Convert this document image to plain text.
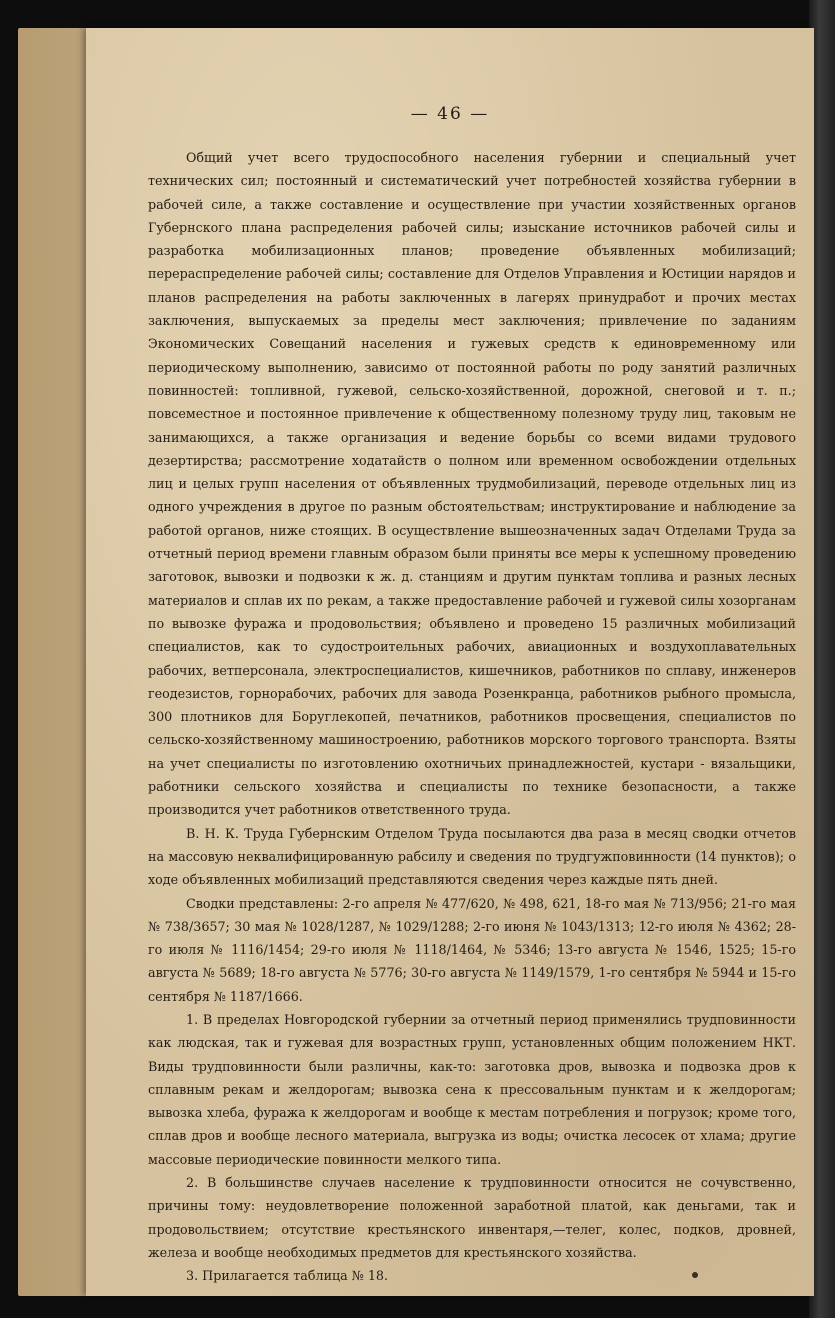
— 46 —

Общий учет всего трудоспособного населения губернии и специальный учет технических сил; постоянный и систематический учет потребностей хозяйства губернии в рабочей силе, а также составление и осуществление при участии хозяйственных органов Губернского плана распределения рабочей силы; изыскание источников рабочей силы и разработка мобилизационных планов; проведение объявленных мобилизаций; перераспределение рабочей силы; составление для Отделов Управления и Юстиции нарядов и планов распределения на работы заключенных в лагерях принудработ и прочих местах заключения, выпускаемых за пределы мест заключения; привлечение по заданиям Экономических Совещаний населения и гужевых средств к единовременному или периодическому выполнению, зависимо от постоянной работы по роду занятий различных повинностей: топливной, гужевой, сельско-хозяйственной, дорожной, снеговой и т. п.; повсеместное и постоянное привлечение к общественному полезному труду лиц, таковым не занимающихся, а также организация и ведение борьбы со всеми видами трудового дезертирства; рассмотрение ходатайств о полном или временном освобождении отдельных лиц и целых групп населения от объявленных трудмобилизаций, переводе отдельных лиц из одного учреждения в другое по разным обстоятельствам; инструктирование и наблюдение за работой органов, ниже стоящих. В осуществление вышеозначенных задач Отделами Труда за отчетный период времени главным образом были приняты все меры к успешному проведению заготовок, вывозки и подвозки к ж. д. станциям и другим пунктам топлива и разных лесных материалов и сплав их по рекам, а также предоставление рабочей и гужевой силы хозорганам по вывозке фуража и продовольствия; объявлено и проведено 15 различных мобилизаций специалистов, как то судостроительных рабочих, авиационных и воздухоплавательных рабочих, ветперсонала, электроспециалистов, кишечников, работников по сплаву, инженеров геодезистов, горнорабочих, рабочих для завода Розенкранца, работников рыбного промысла, 300 плотников для Боруглекопей, печатников, работников просвещения, специалистов по сельско-хозяйственному машиностроению, работников морского торгового транспорта. Взяты на учет специалисты по изготовлению охотничьих принадлежностей, кустари - вязальщики, работники сельского хозяйства и специалисты по технике безопасности, а также производится учет работников ответственного труда.

В. Н. К. Труда Губернским Отделом Труда посылаются два раза в месяц сводки отчетов на массовую неквалифицированную рабсилу и сведения по трудгужповинности (14 пунктов); о ходе объявленных мобилизаций представляются сведения через каждые пять дней.

Сводки представлены: 2-го апреля № 477/620, № 498, 621, 18-го мая № 713/956; 21-го мая № 738/3657; 30 мая № 1028/1287, № 1029/1288; 2-го июня № 1043/1313; 12-го июля № 4362; 28-го июля № 1116/1454; 29-го июля № 1118/1464, № 5346; 13-го августа № 1546, 1525; 15-го августа № 5689; 18-го августа № 5776; 30-го августа № 1149/1579, 1-го сентября № 5944 и 15-го сентября № 1187/1666.

1. В пределах Новгородской губернии за отчетный период применялись трудповинности как людская, так и гужевая для возрастных групп, установленных общим положением НКТ. Виды трудповинности были различны, как-то: заготовка дров, вывозка и подвозка дров к сплавным рекам и желдорогам; вывозка сена к прессовальным пунктам и к желдорогам; вывозка хлеба, фуража к желдорогам и вообще к местам потребления и погрузок; кроме того, сплав дров и вообще лесного материала, выгрузка из воды; очистка лесосек от хлама; другие массовые периодические повинности мелкого типа.

2. В большинстве случаев население к трудповинности относится не сочувственно, причины тому: неудовлетворение положенной заработной платой, как деньгами, так и продовольствием; отсутствие крестьянского инвентаря,—телег, колес, подков, дровней, железа и вообще необходимых предметов для крестьянского хозяйства.

3. Прилагается таблица № 18.
